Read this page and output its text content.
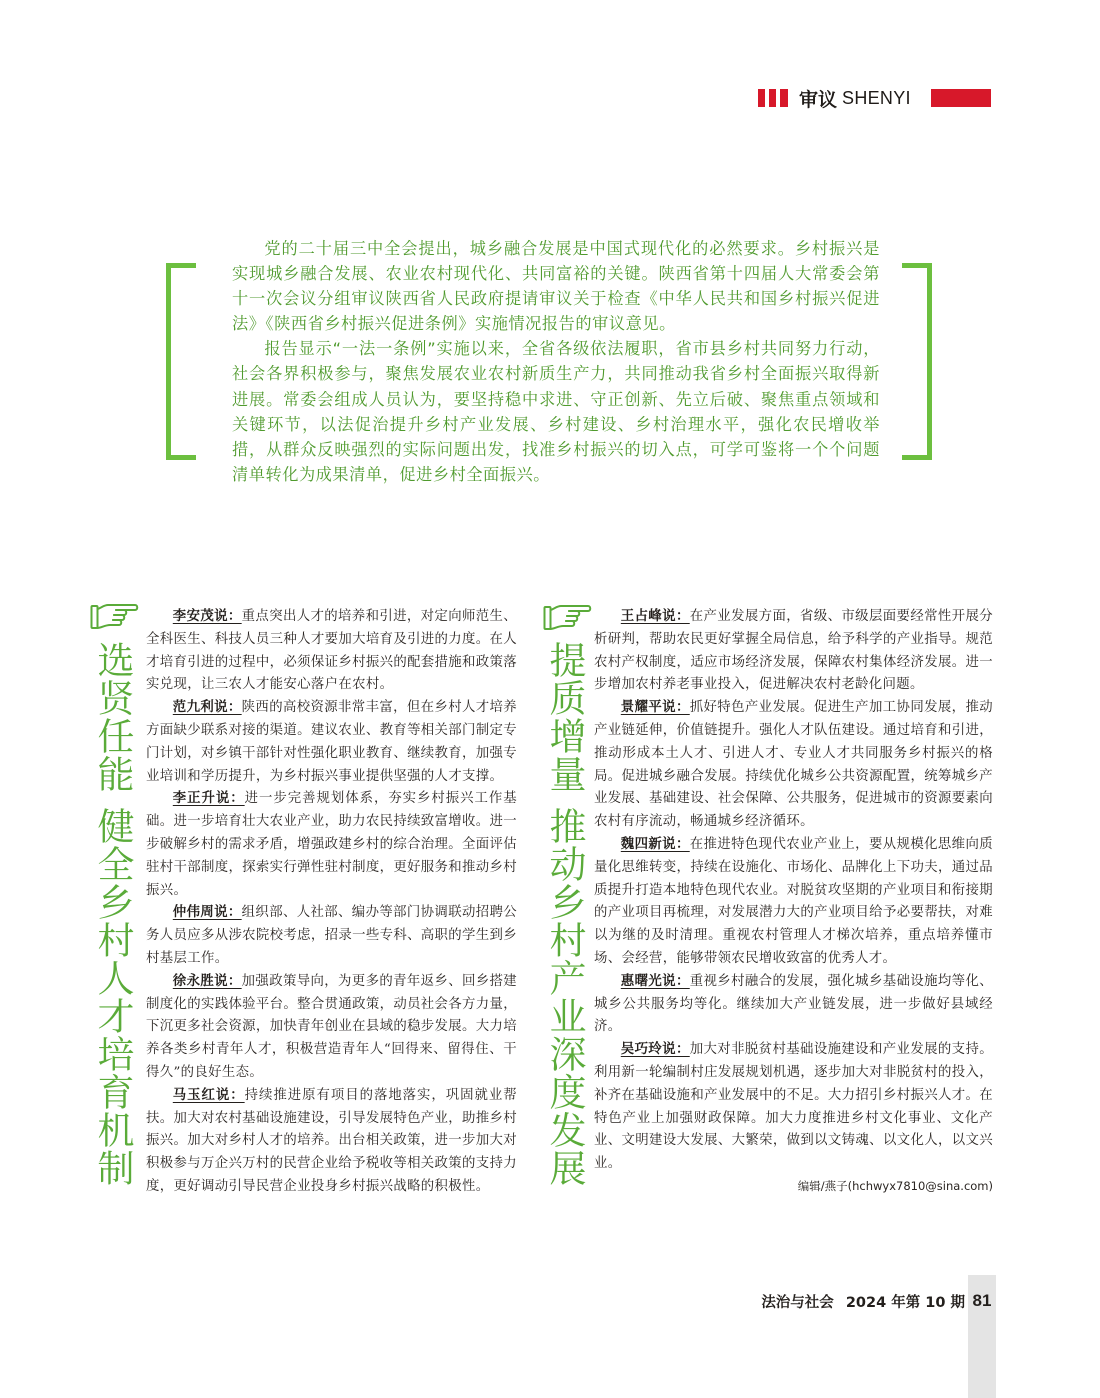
审议 SHENYI

党的二十届三中全会提出，城乡融合发展是中国式现代化的必然要求。乡村振兴是实现城乡融合发展、农业农村现代化、共同富裕的关键。陕西省第十四届人大常委会第十一次会议分组审议陕西省人民政府提请审议关于检查《中华人民共和国乡村振兴促进法》《陕西省乡村振兴促进条例》实施情况报告的审议意见。

报告显示“一法一条例”实施以来，全省各级依法履职，省市县乡村共同努力行动，社会各界积极参与，聚焦发展农业农村新质生产力，共同推动我省乡村全面振兴取得新进展。常委会组成人员认为，要坚持稳中求进、守正创新、先立后破、聚焦重点领域和关键环节，以法促治提升乡村产业发展、乡村建设、乡村治理水平，强化农民增收举措，从群众反映强烈的实际问题出发，找准乡村振兴的切入点，可学可鉴将一个个问题清单转化为成果清单，促进乡村全面振兴。

选贤任能健全乡村人才培育机制

李安茂说：重点突出人才的培养和引进，对定向师范生、全科医生、科技人员三种人才要加大培育及引进的力度。在人才培育引进的过程中，必须保证乡村振兴的配套措施和政策落实兑现，让三农人才能安心落户在农村。

范九利说：陕西的高校资源非常丰富，但在乡村人才培养方面缺少联系对接的渠道。建议农业、教育等相关部门制定专门计划，对乡镇干部针对性强化职业教育、继续教育，加强专业培训和学历提升，为乡村振兴事业提供坚强的人才支撑。

李正升说：进一步完善规划体系，夯实乡村振兴工作基础。进一步培育壮大农业产业，助力农民持续致富增收。进一步破解乡村的需求矛盾，增强政建乡村的综合治理。全面评估驻村干部制度，探索实行弹性驻村制度，更好服务和推动乡村振兴。

仲伟周说：组织部、人社部、编办等部门协调联动招聘公务人员应多从涉农院校考虑，招录一些专科、高职的学生到乡村基层工作。

徐永胜说：加强政策导向，为更多的青年返乡、回乡搭建制度化的实践体验平台。整合贯通政策，动员社会各方力量，下沉更多社会资源，加快青年创业在县域的稳步发展。大力培养各类乡村青年人才，积极营造青年人“回得来、留得住、干得久”的良好生态。

马玉红说：持续推进原有项目的落地落实，巩固就业帮扶。加大对农村基础设施建设，引导发展特色产业，助推乡村振兴。加大对乡村人才的培养。出台相关政策，进一步加大对积极参与万企兴万村的民营企业给予税收等相关政策的支持力度，更好调动引导民营企业投身乡村振兴战略的积极性。

提质增量推动乡村产业深度发展

王占峰说：在产业发展方面，省级、市级层面要经常性开展分析研判，帮助农民更好掌握全局信息，给予科学的产业指导。规范农村产权制度，适应市场经济发展，保障农村集体经济发展。进一步增加农村养老事业投入，促进解决农村老龄化问题。

景耀平说：抓好特色产业发展。促进生产加工协同发展，推动产业链延伸，价值链提升。强化人才队伍建设。通过培育和引进，推动形成本土人才、引进人才、专业人才共同服务乡村振兴的格局。促进城乡融合发展。持续优化城乡公共资源配置，统筹城乡产业发展、基础建设、社会保障、公共服务，促进城市的资源要素向农村有序流动，畅通城乡经济循环。

魏四新说：在推进特色现代农业产业上，要从规模化思维向质量化思维转变，持续在设施化、市场化、品牌化上下功夫，通过品质提升打造本地特色现代农业。对脱贫攻坚期的产业项目和衔接期的产业项目再梳理，对发展潜力大的产业项目给予必要帮扶，对难以为继的及时清理。重视农村管理人才梯次培养，重点培养懂市场、会经营，能够带领农民增收致富的优秀人才。

惠曙光说：重视乡村融合的发展，强化城乡基础设施均等化、城乡公共服务均等化。继续加大产业链发展，进一步做好县域经济。

吴巧玲说：加大对非脱贫村基础设施建设和产业发展的支持。利用新一轮编制村庄发展规划机遇，逐步加大对非脱贫村的投入，补齐在基础设施和产业发展中的不足。大力招引乡村振兴人才。在特色产业上加强财政保障。加大力度推进乡村文化事业、文化产业、文明建设大发展、大繁荣，做到以文铸魂、以文化人，以文兴业。

编辑/燕子(hchwyx7810@sina.com)
法治与社会 2024 年第 10 期 81
